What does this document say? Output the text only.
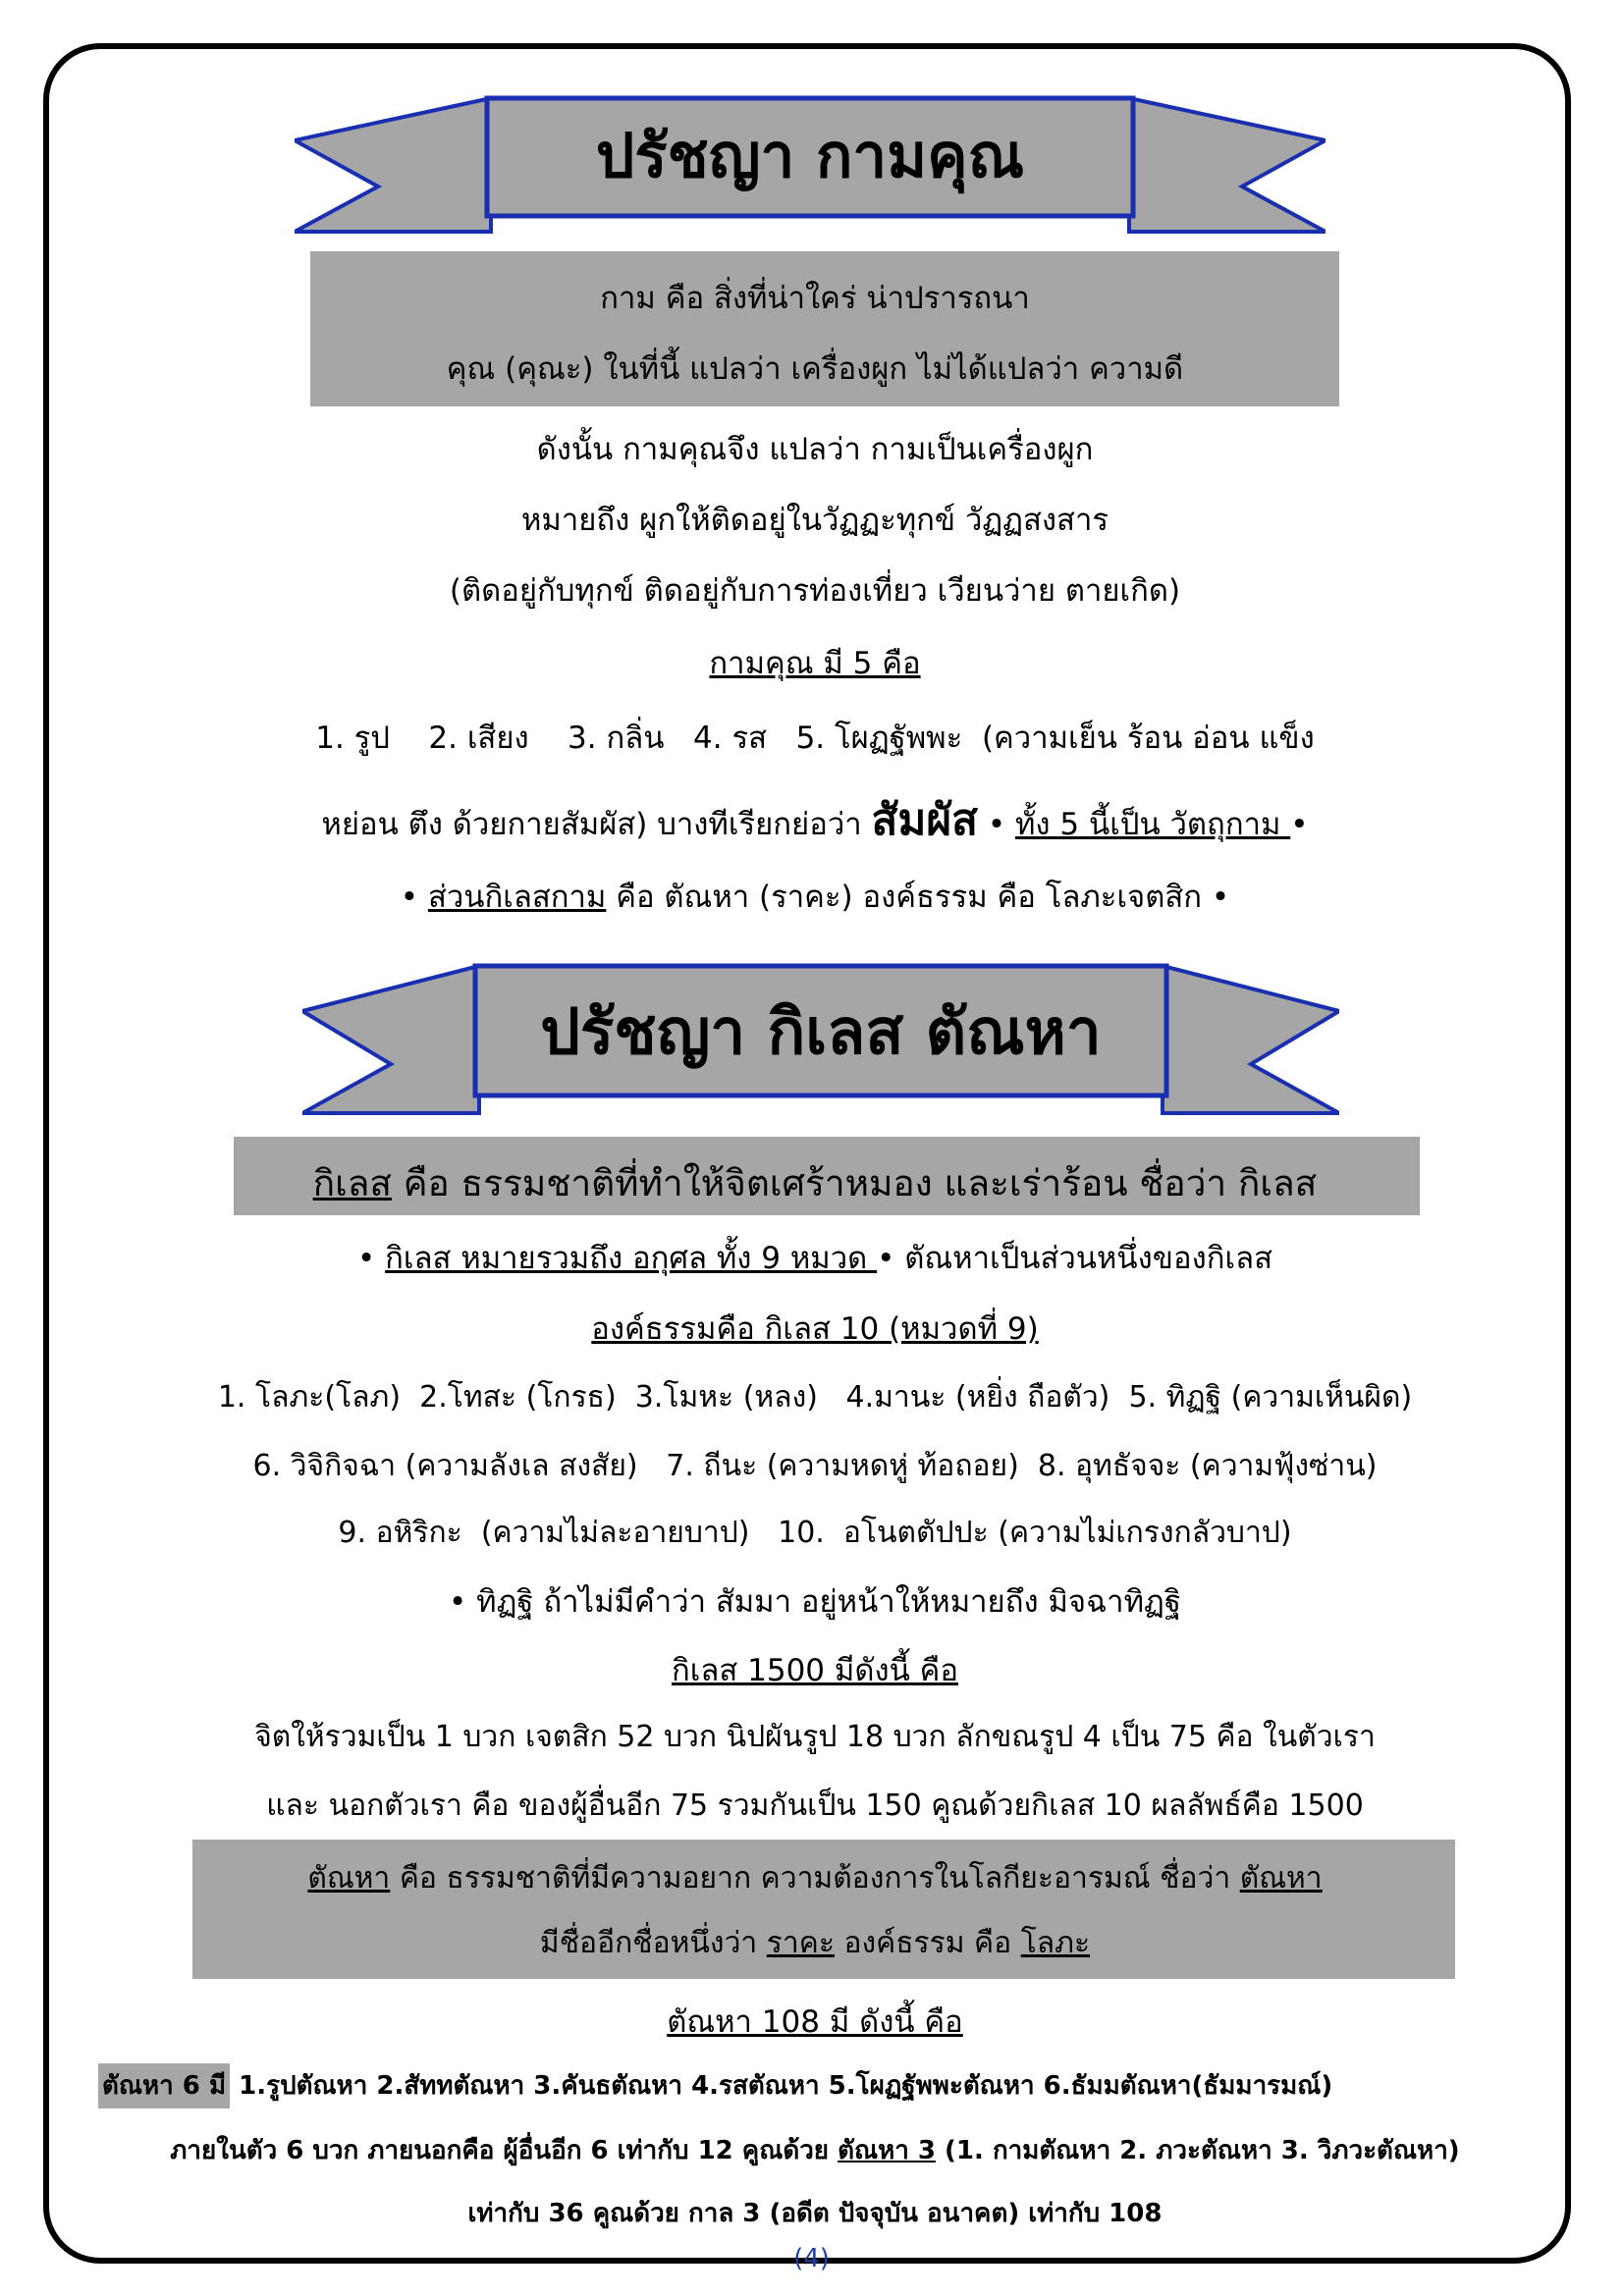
ปรัชญา กามคุณ
กาม คือ สิ่งที่น่าใคร่ น่าปรารถนา
คุณ (คุณะ) ในที่นี้ แปลว่า เครื่องผูก ไม่ได้แปลว่า ความดี
ดังนั้น กามคุณจึง แปลว่า กามเป็นเครื่องผูก
หมายถึง ผูกให้ติดอยู่ในวัฏฏะทุกข์ วัฏฏสงสาร
(ติดอยู่กับทุกข์ ติดอยู่กับการท่องเที่ยว เวียนว่าย ตายเกิด)
กามคุณ มี 5 คือ
1. รูป    2. เสียง    3. กลิ่น   4. รส   5. โผฏฐัพพะ  (ความเย็น ร้อน อ่อน แข็ง
หย่อน ตึง ด้วยกายสัมผัส) บางทีเรียกย่อว่า สัมผัส • ทั้ง 5 นี้เป็น วัตถุกาม •
• ส่วนกิเลสกาม คือ ตัณหา (ราคะ) องค์ธรรม คือ โลภะเจตสิก •
ปรัชญา กิเลส ตัณหา
กิเลส คือ ธรรมชาติที่ทำให้จิตเศร้าหมอง และเร่าร้อน ชื่อว่า กิเลส
• กิเลส หมายรวมถึง อกุศล ทั้ง 9 หมวด • ตัณหาเป็นส่วนหนึ่งของกิเลส
องค์ธรรมคือ กิเลส 10 (หมวดที่ 9)
1. โลภะ(โลภ)  2.โทสะ (โกรธ)  3.โมหะ (หลง)   4.มานะ (หยิ่ง ถือตัว)  5. ทิฏฐิ (ความเห็นผิด)
6. วิจิกิจฉา (ความลังเล สงสัย)   7. ถีนะ (ความหดหู่ ท้อถอย)  8. อุทธัจจะ (ความฟุ้งซ่าน)
9. อหิริกะ  (ความไม่ละอายบาป)   10.  อโนตตัปปะ (ความไม่เกรงกลัวบาป)
• ทิฏฐิ ถ้าไม่มีคำว่า สัมมา อยู่หน้าให้หมายถึง มิจฉาทิฏฐิ
กิเลส 1500 มีดังนี้ คือ
จิตให้รวมเป็น 1 บวก เจตสิก 52 บวก นิปผันรูป 18 บวก ลักขณรูป 4 เป็น 75 คือ ในตัวเรา
และ นอกตัวเรา คือ ของผู้อื่นอีก 75 รวมกันเป็น 150 คูณด้วยกิเลส 10 ผลลัพธ์คือ 1500
ตัณหา คือ ธรรมชาติที่มีความอยาก ความต้องการในโลกียะอารมณ์ ชื่อว่า ตัณหา
มีชื่ออีกชื่อหนึ่งว่า ราคะ องค์ธรรม คือ โลภะ
ตัณหา 108 มี ดังนี้ คือ
ตัณหา 6 มี 1.รูปตัณหา 2.สัททตัณหา 3.คันธตัณหา 4.รสตัณหา 5.โผฏฐัพพะตัณหา 6.ธัมมตัณหา(ธัมมารมณ์)
ภายในตัว 6 บวก ภายนอกคือ ผู้อื่นอีก 6 เท่ากับ 12 คูณด้วย ตัณหา 3 (1. กามตัณหา 2. ภวะตัณหา 3. วิภวะตัณหา)
เท่ากับ 36 คูณด้วย กาล 3 (อดีต ปัจจุบัน อนาคต) เท่ากับ 108
(4)
